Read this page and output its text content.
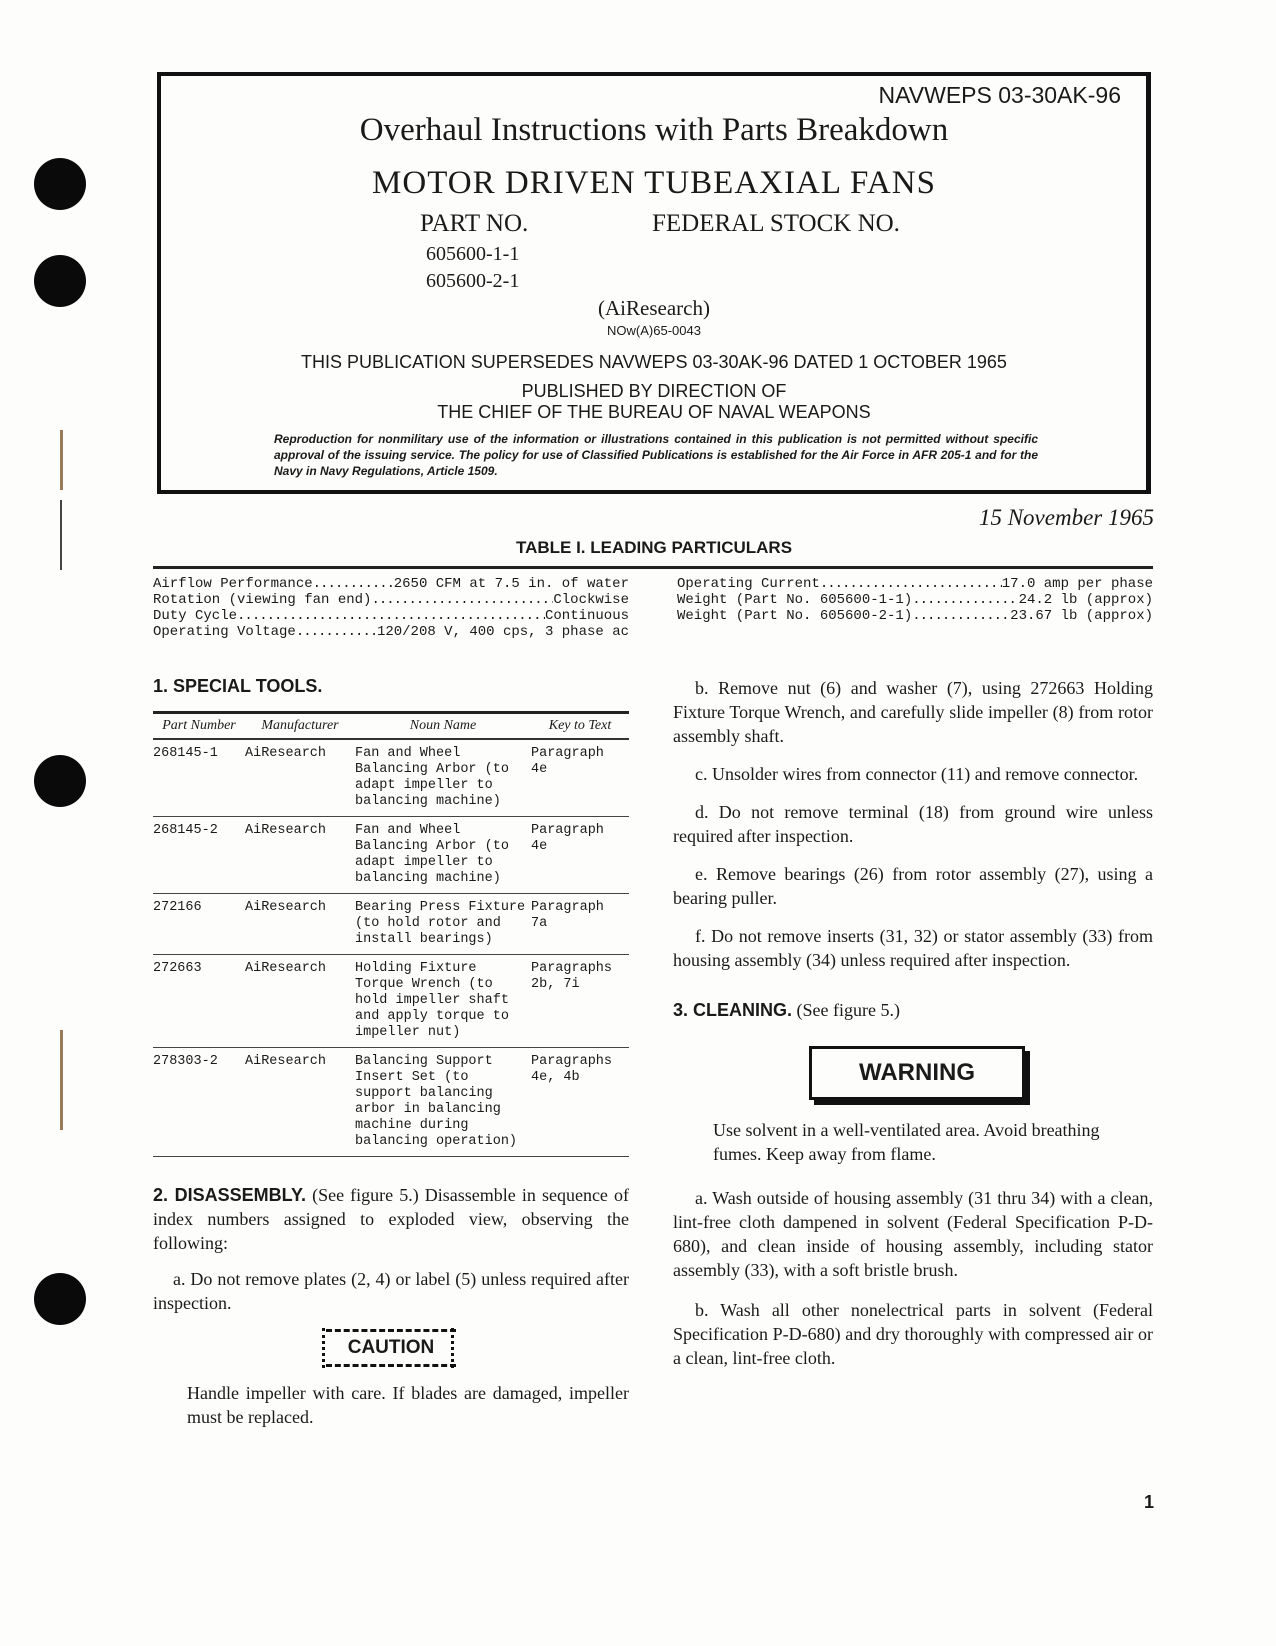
NAVWEPS 03-30AK-96
Overhaul Instructions with Parts Breakdown
MOTOR DRIVEN TUBEAXIAL FANS
PART NO.	FEDERAL STOCK NO.
605600-1-1
605600-2-1
(AiResearch)
NOw(A)65-0043
THIS PUBLICATION SUPERSEDES NAVWEPS 03-30AK-96 DATED 1 OCTOBER 1965
PUBLISHED BY DIRECTION OF
THE CHIEF OF THE BUREAU OF NAVAL WEAPONS
Reproduction for nonmilitary use of the information or illustrations contained in this publication is not permitted without specific approval of the issuing service. The policy for use of Classified Publications is established for the Air Force in AFR 205-1 and for the Navy in Navy Regulations, Article 1509.
15 November 1965
TABLE I. LEADING PARTICULARS
Airflow Performance .....	2650 CFM at 7.5 in. of water
Rotation (viewing fan end) .....	Clockwise
Duty Cycle .....	Continuous
Operating Voltage .....	120/208 V, 400 cps, 3 phase ac
Operating Current .....	17.0 amp per phase
Weight (Part No. 605600-1-1) .....	24.2 lb (approx)
Weight (Part No. 605600-2-1) .....	23.67 lb (approx)
1. SPECIAL TOOLS.
Part Number	Manufacturer	Noun Name	Key to Text
268145-1	AiResearch	Fan and Wheel Balancing Arbor (to adapt impeller to balancing machine)	Paragraph 4e
268145-2	AiResearch	Fan and Wheel Balancing Arbor (to adapt impeller to balancing machine)	Paragraph 4e
272166	AiResearch	Bearing Press Fixture (to hold rotor and install bearings)	Paragraph 7a
272663	AiResearch	Holding Fixture Torque Wrench (to hold impeller shaft and apply torque to impeller nut)	Paragraphs 2b, 7i
278303-2	AiResearch	Balancing Support Insert Set (to support balancing arbor in balancing machine during balancing operation)	Paragraphs 4e, 4b

2. DISASSEMBLY. (See figure 5.) Disassemble in sequence of index numbers assigned to exploded view, observing the following:

a. Do not remove plates (2, 4) or label (5) unless required after inspection.

CAUTION

Handle impeller with care. If blades are damaged, impeller must be replaced.

b. Remove nut (6) and washer (7), using 272663 Holding Fixture Torque Wrench, and carefully slide impeller (8) from rotor assembly shaft.

c. Unsolder wires from connector (11) and remove connector.

d. Do not remove terminal (18) from ground wire unless required after inspection.

e. Remove bearings (26) from rotor assembly (27), using a bearing puller.

f. Do not remove inserts (31, 32) or stator assembly (33) from housing assembly (34) unless required after inspection.

3. CLEANING. (See figure 5.)

WARNING

Use solvent in a well-ventilated area. Avoid breathing fumes. Keep away from flame.

a. Wash outside of housing assembly (31 thru 34) with a clean, lint-free cloth dampened in solvent (Federal Specification P-D-680), and clean inside of housing assembly, including stator assembly (33), with a soft bristle brush.

b. Wash all other nonelectrical parts in solvent (Federal Specification P-D-680) and dry thoroughly with compressed air or a clean, lint-free cloth.

1
